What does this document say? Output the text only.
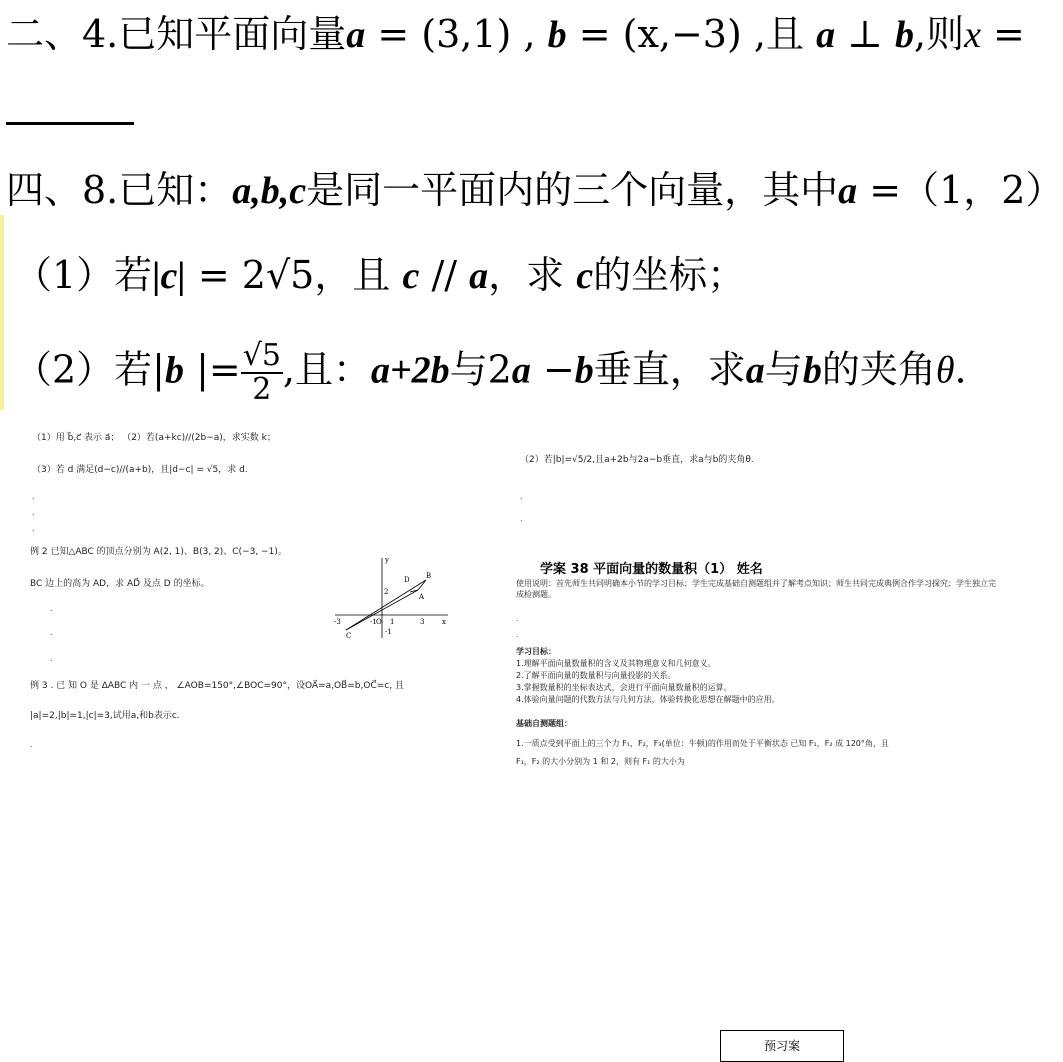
二、4.已知平面向量a = (3,1) , b = (x,−3) ,且 a ⊥ b,则x =
四、8.已知：a,b,c是同一平面内的三个向量，其中a =（1，2）
（1）若|c| = 2√5，且 c // a，求 c的坐标；
（2）若|b |= $\frac{√5}{2}$ ,且：a+2b与2a −b垂直，求a与b的夹角θ.
（1）用 b⃗,c⃗ 表示 a⃗； （2）若(a+kc)//(2b−a)，求实数 k；
（3）若 d 满足(d−c)//(a+b)，且|d−c| = √5，求 d.
.
.
.
例 2 已知△ABC 的顶点分别为 A(2, 1)、B(3, 2)、C(−3, −1)。
BC 边上的高为 AD，求 AD⃗ 及点 D 的坐标。
.
.
.
例 3 . 已 知 O 是 ΔABC 内 一 点 ， ∠AOB=150°,∠BOC=90°，设OA⃗=a,OB⃗=b,OC⃗=c, 且
|a|=2,|b|=1,|c|=3,试用a,和b表示c.
.
y
D B
A
O	x
C
-3	-1 1	3
2
-1
（2）若|b|=√5/2,且a+2b与2a−b垂直，求a与b的夹角θ.
.
.
学案 38 平面向量的数量积（1） 姓名
使用说明：首先师生共同明确本小节的学习目标；学生完成基础自测题组并了解考点知识；师生共同完成典例合作学习探究；学生独立完成检测题。
预习案
.
.
学习目标：
1.理解平面向量数量积的含义及其物理意义和几何意义。
2.了解平面向量的数量积与向量投影的关系。
3.掌握数量积的坐标表达式，会进行平面向量数量积的运算。
4.体验向量问题的代数方法与几何方法，体验转换化思想在解题中的应用。
基础自测题组：
1.一质点受到平面上的三个力 F₁，F₂，F₃(单位：牛顿)的作用而处于平衡状态 已知 F₁，F₂ 成 120°角，且
F₁，F₂ 的大小分别为 1 和 2，则有 F₁ 的大小为
